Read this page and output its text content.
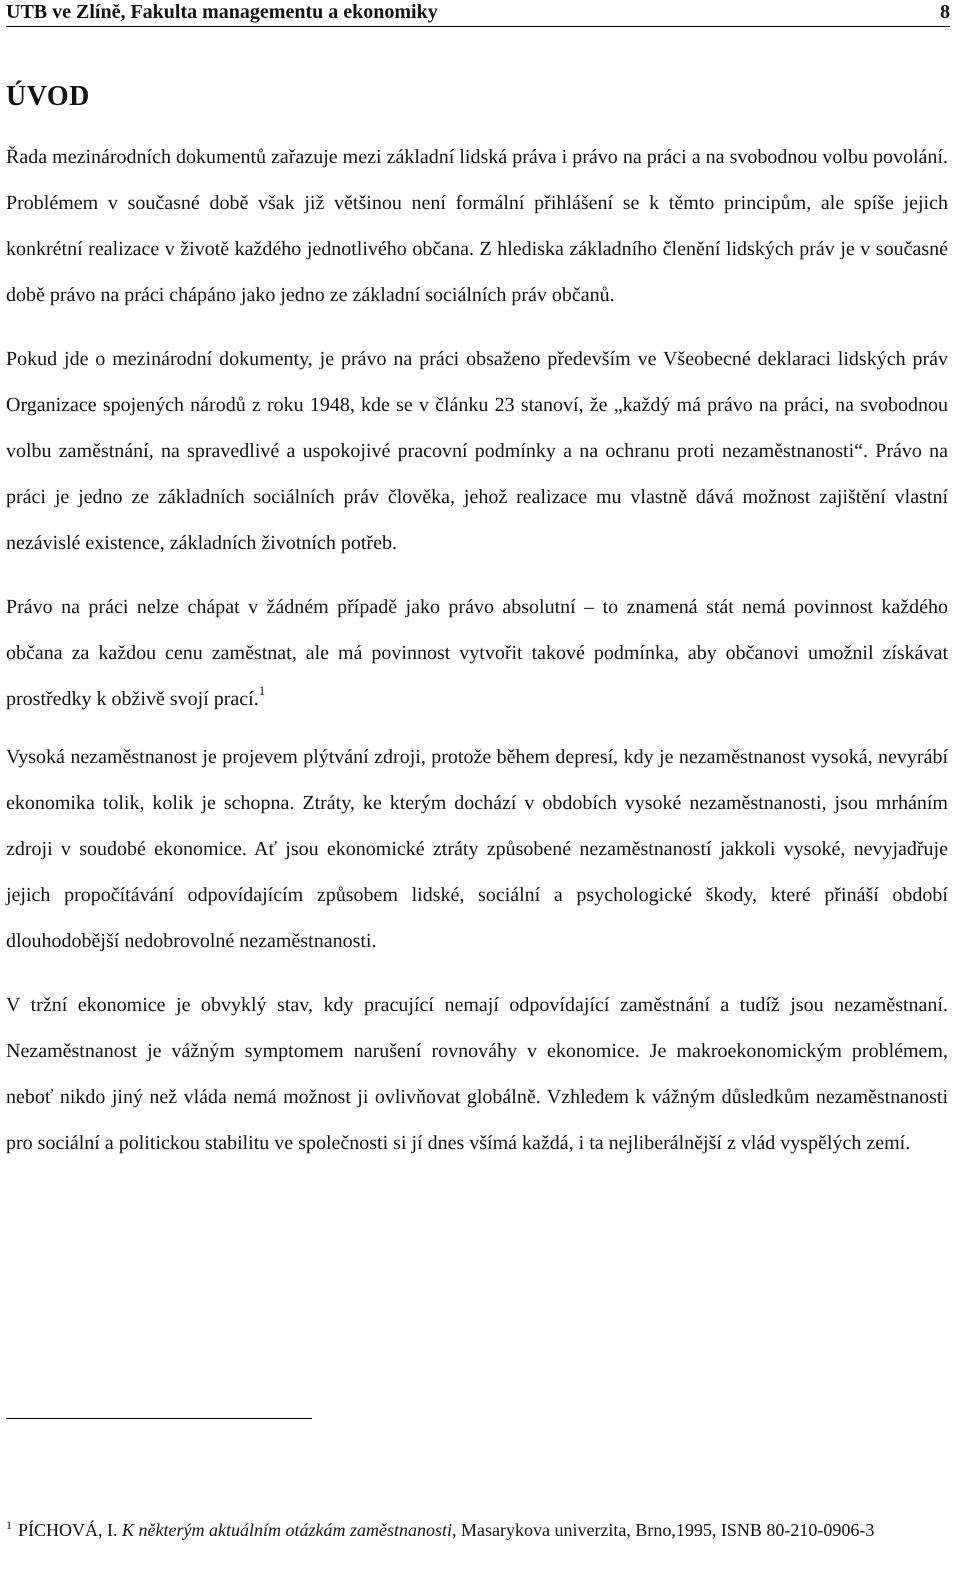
UTB ve Zlíně, Fakulta managementu a ekonomiky	8
ÚVOD

Řada mezinárodních dokumentů zařazuje mezi základní lidská práva i právo na práci a na svobodnou volbu povolání. Problémem v současné době však již většinou není formální přihlášení se k těmto principům, ale spíše jejich konkrétní realizace v životě každého jednotlivého občana. Z hlediska základního členění lidských práv je v současné době právo na práci chápáno jako jedno ze základní sociálních práv občanů.

Pokud jde o mezinárodní dokumenty, je právo na práci obsaženo především ve Všeobecné deklaraci lidských práv Organizace spojených národů z roku 1948, kde se v článku 23 stanoví, že „každý má právo na práci, na svobodnou volbu zaměstnání, na spravedlivé a uspokojivé pracovní podmínky a na ochranu proti nezaměstnanosti“. Právo na práci je jedno ze základních sociálních práv člověka, jehož realizace mu vlastně dává možnost zajištění vlastní nezávislé existence, základních životních potřeb.

Právo na práci nelze chápat v žádném případě jako právo absolutní – to znamená stát nemá povinnost každého občana za každou cenu zaměstnat, ale má povinnost vytvořit takové podmínka, aby občanovi umožnil získávat prostředky k obživě svojí prací.$^1$

Vysoká nezaměstnanost je projevem plýtvání zdroji, protože během depresí, kdy je nezaměstnanost vysoká, nevyrábí ekonomika tolik, kolik je schopna. Ztráty, ke kterým dochází v obdobích vysoké nezaměstnanosti, jsou mrháním zdroji v soudobé ekonomice. Ať jsou ekonomické ztráty způsobené nezaměstnaností jakkoli vysoké, nevyjadřuje jejich propočítávání odpovídajícím způsobem lidské, sociální a psychologické škody, které přináší období dlouhodobější nedobrovolné nezaměstnanosti.

V tržní ekonomice je obvyklý stav, kdy pracující nemají odpovídající zaměstnání a tudíž jsou nezaměstnaní. Nezaměstnanost je vážným symptomem narušení rovnováhy v ekonomice. Je makroekonomickým problémem, neboť nikdo jiný než vláda nemá možnost ji ovlivňovat globálně. Vzhledem k vážným důsledkům nezaměstnanosti pro sociální a politickou stabilitu ve společnosti si jí dnes všímá každá, i ta nejliberálnější z vlád vyspělých zemí.

$^1$ PÍCHOVÁ, I. K některým aktuálním otázkám zaměstnanosti, Masarykova univerzita, Brno,1995, ISNB 80-210-0906-3
